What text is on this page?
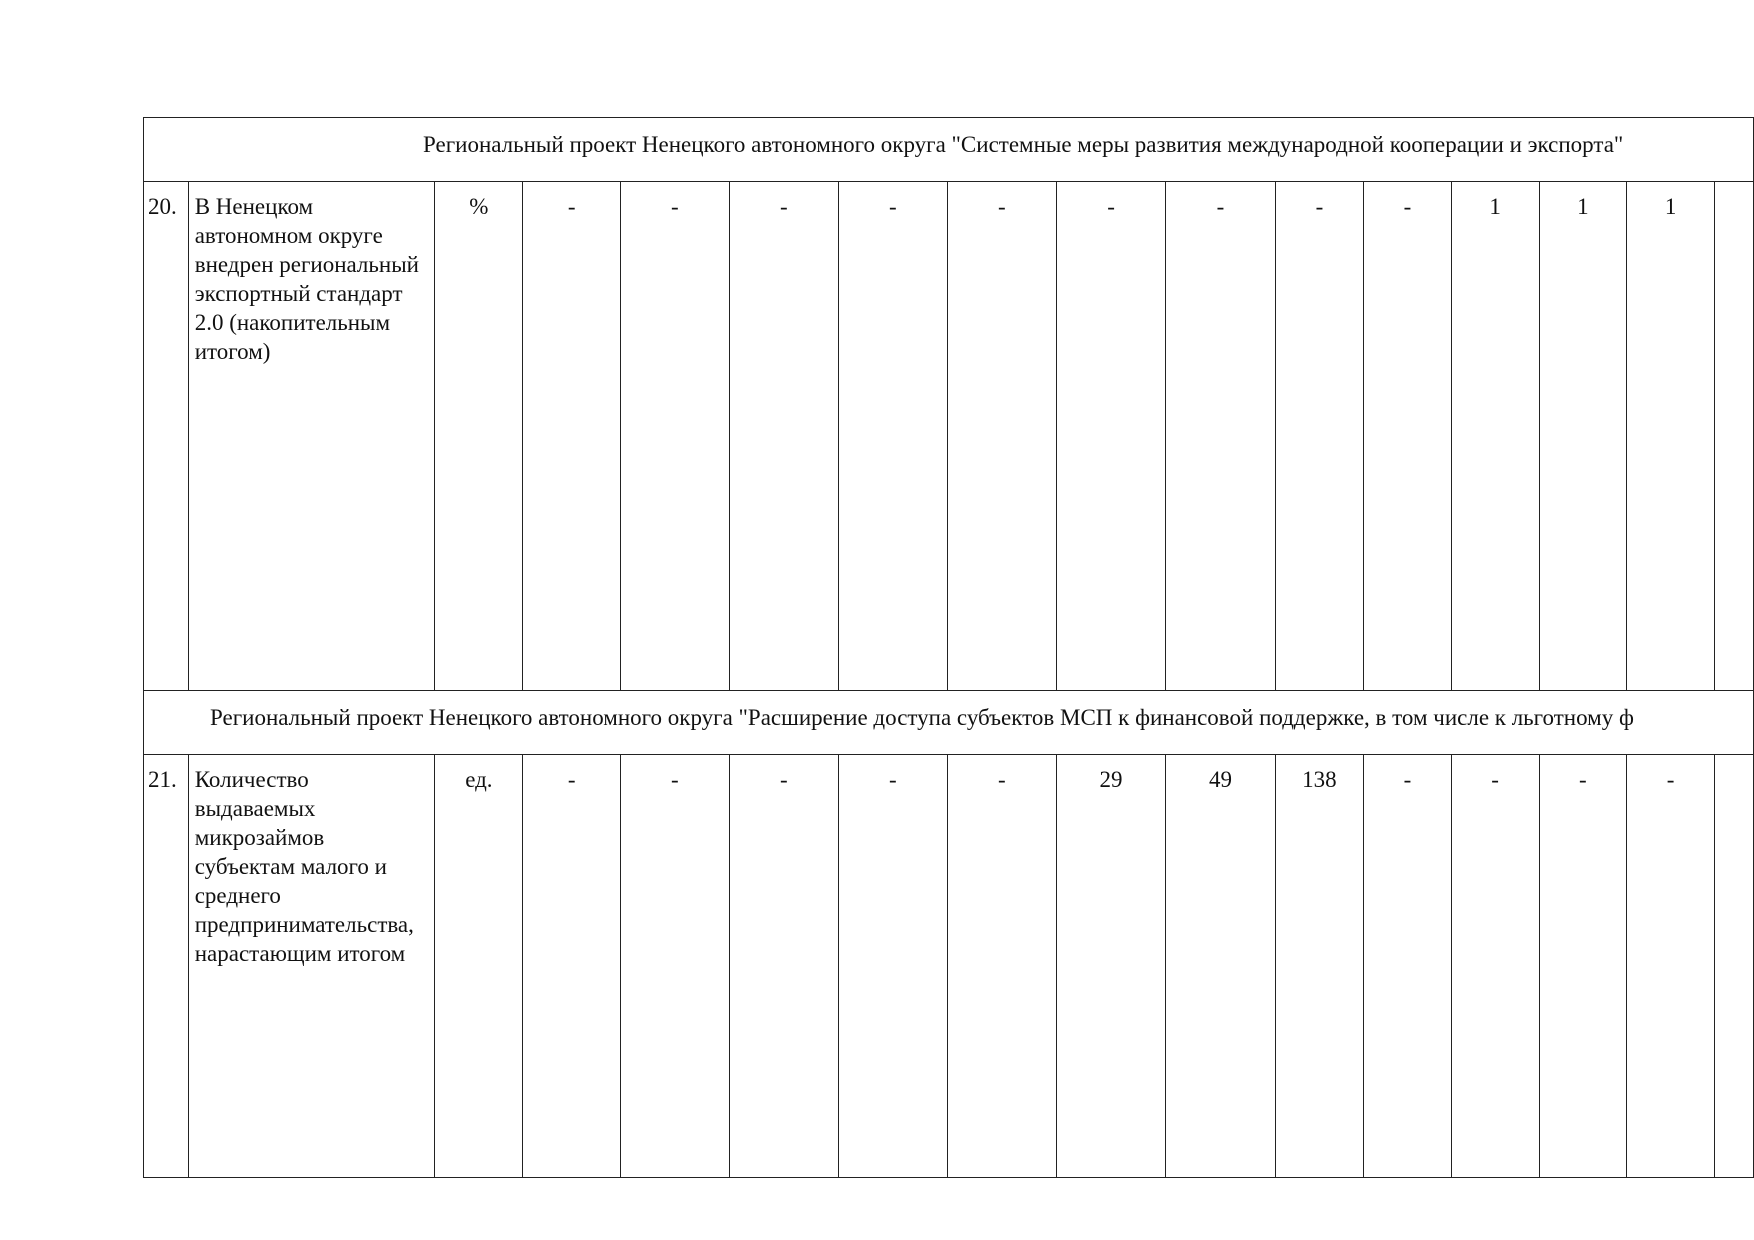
Региональный проект Ненецкого автономного округа "Системные меры развития международной кооперации и экспорта"															
20.	В Ненецком автономном округе внедрен региональный экспортный стандарт 2.0 (накопительным итогом)	%	-	-	-	-	-	-	-	-	-	1	1	1	
Региональный проект Ненецкого автономного округа "Расширение доступа субъектов МСП к финансовой поддержке, в том числе к льготному ф															
21.	Количество выдаваемых микрозаймов субъектам малого и среднего предпринимательства, нарастающим итогом	ед.	-	-	-	-	-	29	49	138	-	-	-	-	
